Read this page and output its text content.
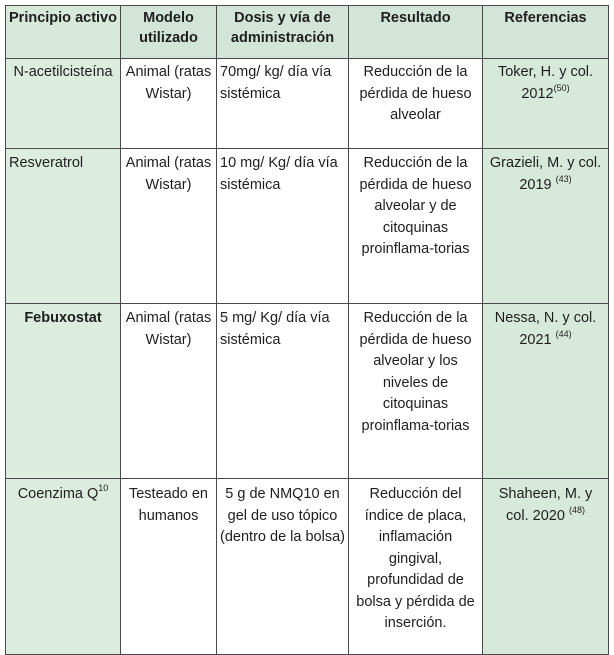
Principio activo	Modelo utilizado	Dosis y vía de administración	Resultado	Referencias
N-acetilcisteína	Animal (ratas Wistar)	70mg/ kg/ día vía sistémica	Reducción de la pérdida de hueso alveolar	Toker, H. y col. 2012$^{(50)}$
Resveratrol	Animal (ratas Wistar)	10 mg/ Kg/ día vía sistémica	Reducción de la pérdida de hueso alveolar y de citoquinas proinflama-torias	Grazieli, M. y col. 2019 $^{(43)}$
Febuxostat	Animal (ratas Wistar)	5 mg/ Kg/ día vía sistémica	Reducción de la pérdida de hueso alveolar y los niveles de citoquinas proinflama-torias	Nessa, N. y col. 2021 $^{(44)}$
Coenzima $Q^{10}$	Testeado en humanos	5 g de NMQ10 en gel de uso tópico (dentro de la bolsa)	Reducción del índice de placa, inflamación gingival, profundidad de bolsa y pérdida de inserción.	Shaheen, M. y col. 2020 $^{(48)}$
